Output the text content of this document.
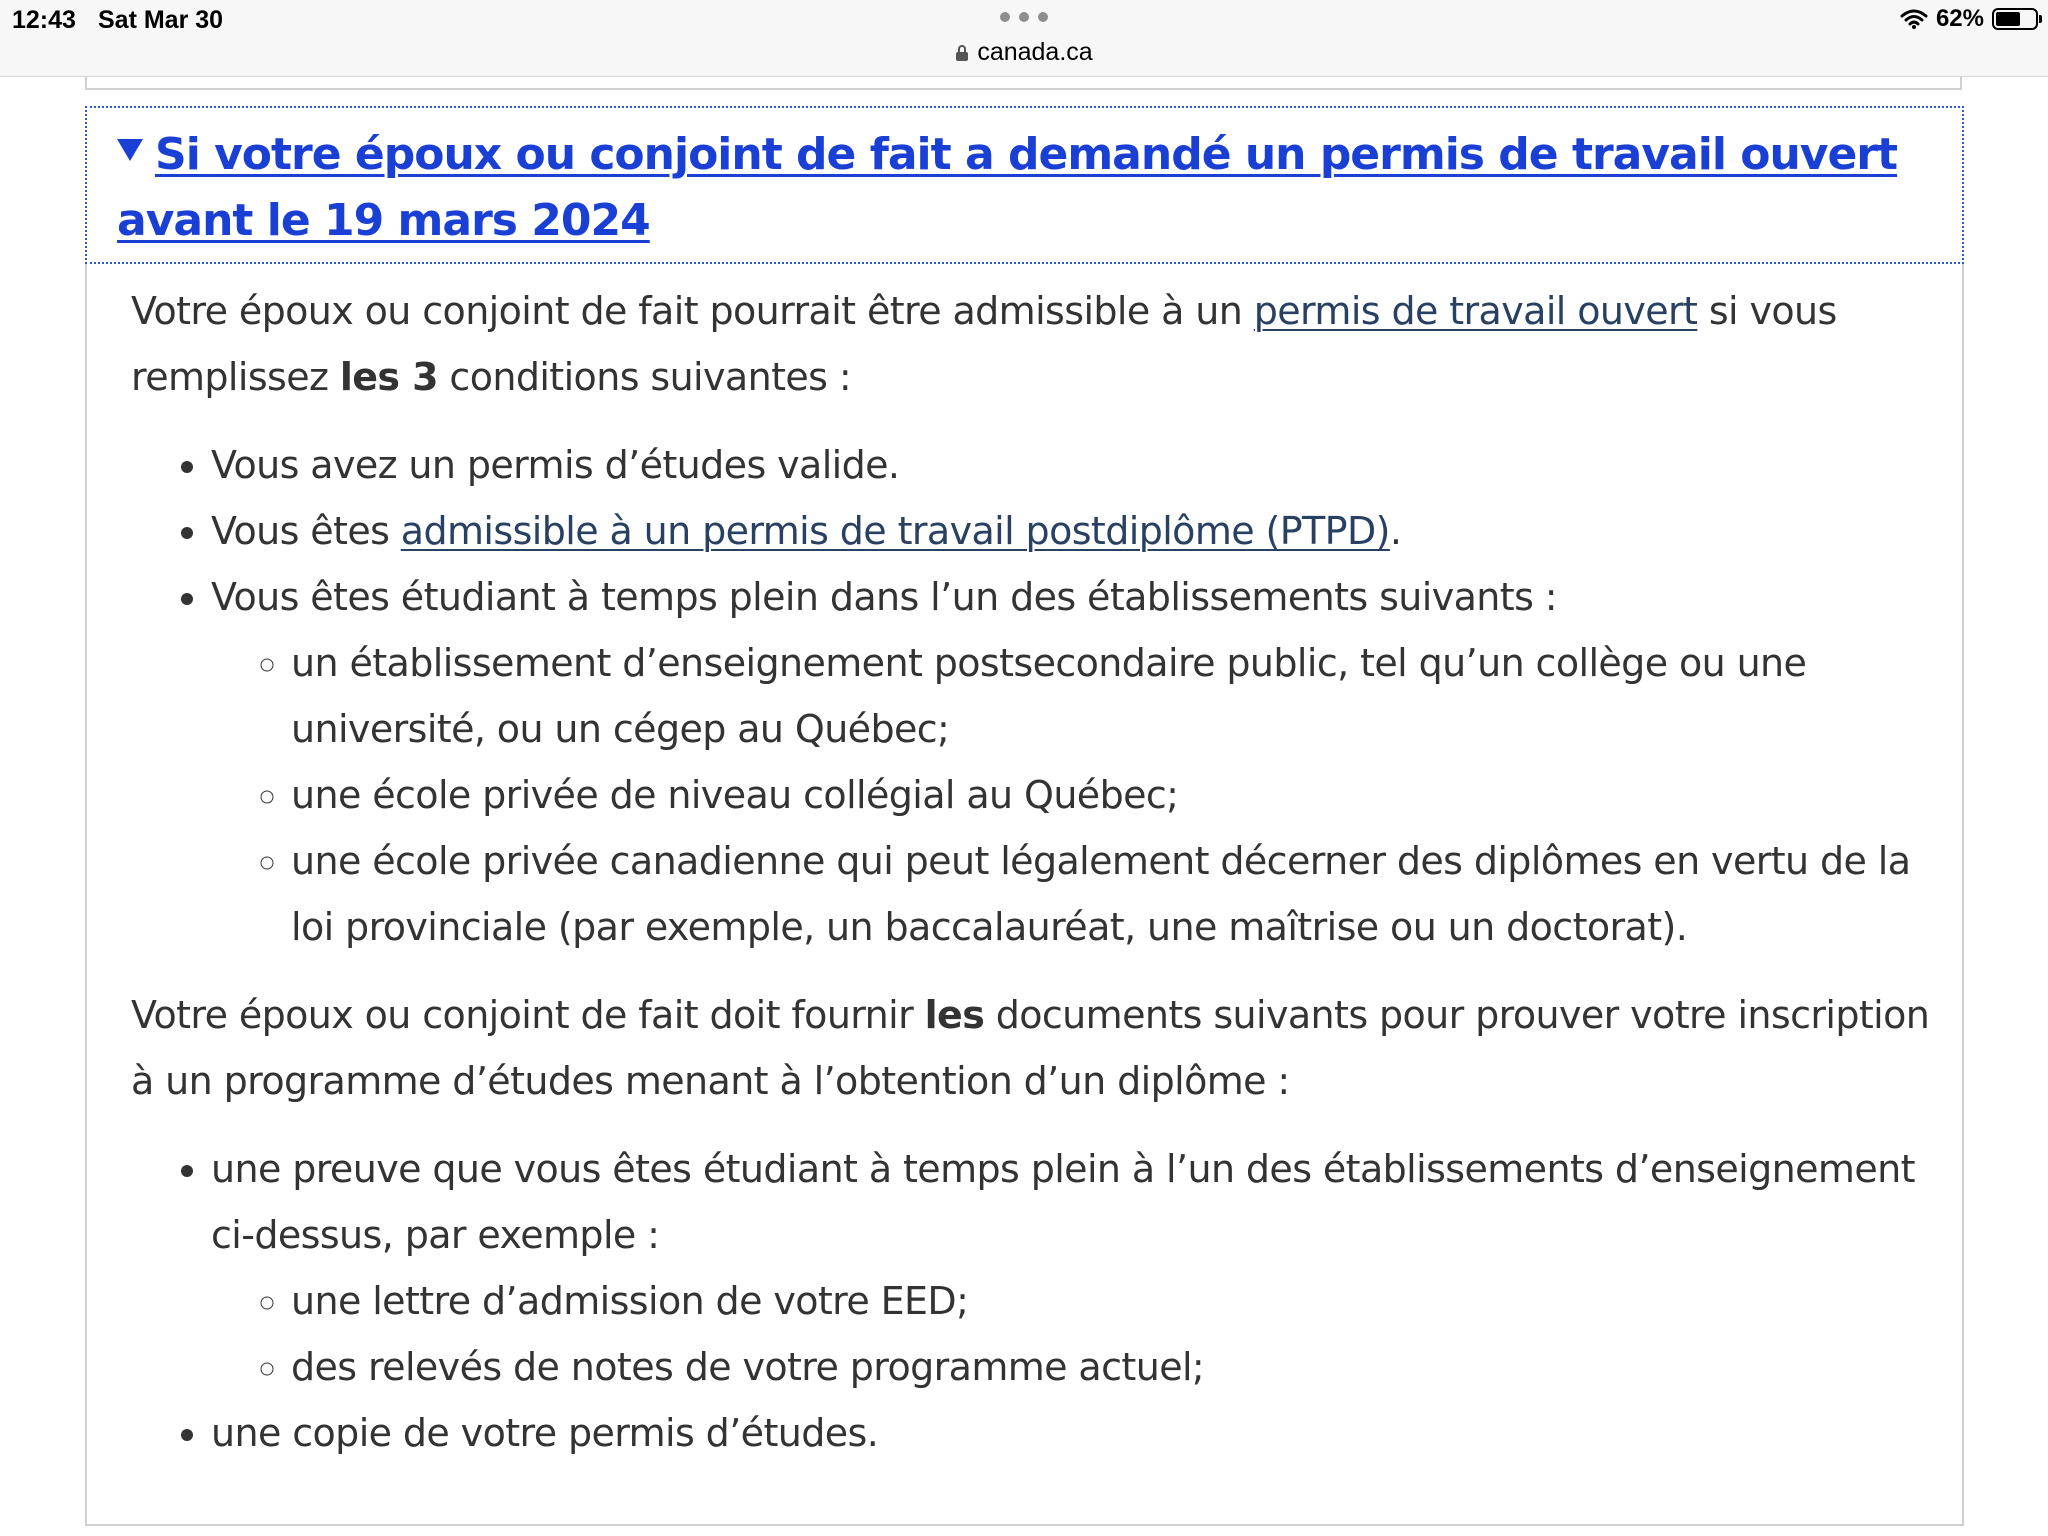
12:43 Sat Mar 30
canada.ca
62%
Si votre époux ou conjoint de fait a demandé un permis de travail ouvert avant le 19 mars 2024

Votre époux ou conjoint de fait pourrait être admissible à un permis de travail ouvert si vous remplissez les 3 conditions suivantes :

• Vous avez un permis d’études valide.
• Vous êtes admissible à un permis de travail postdiplôme (PTPD).
• Vous êtes étudiant à temps plein dans l’un des établissements suivants :
◦ un établissement d’enseignement postsecondaire public, tel qu’un collège ou une université, ou un cégep au Québec;
◦ une école privée de niveau collégial au Québec;
◦ une école privée canadienne qui peut légalement décerner des diplômes en vertu de la loi provinciale (par exemple, un baccalauréat, une maîtrise ou un doctorat).

Votre époux ou conjoint de fait doit fournir les documents suivants pour prouver votre inscription à un programme d’études menant à l’obtention d’un diplôme :

• une preuve que vous êtes étudiant à temps plein à l’un des établissements d’enseignement ci-dessus, par exemple :
◦ une lettre d’admission de votre EED;
◦ des relevés de notes de votre programme actuel;
• une copie de votre permis d’études.
